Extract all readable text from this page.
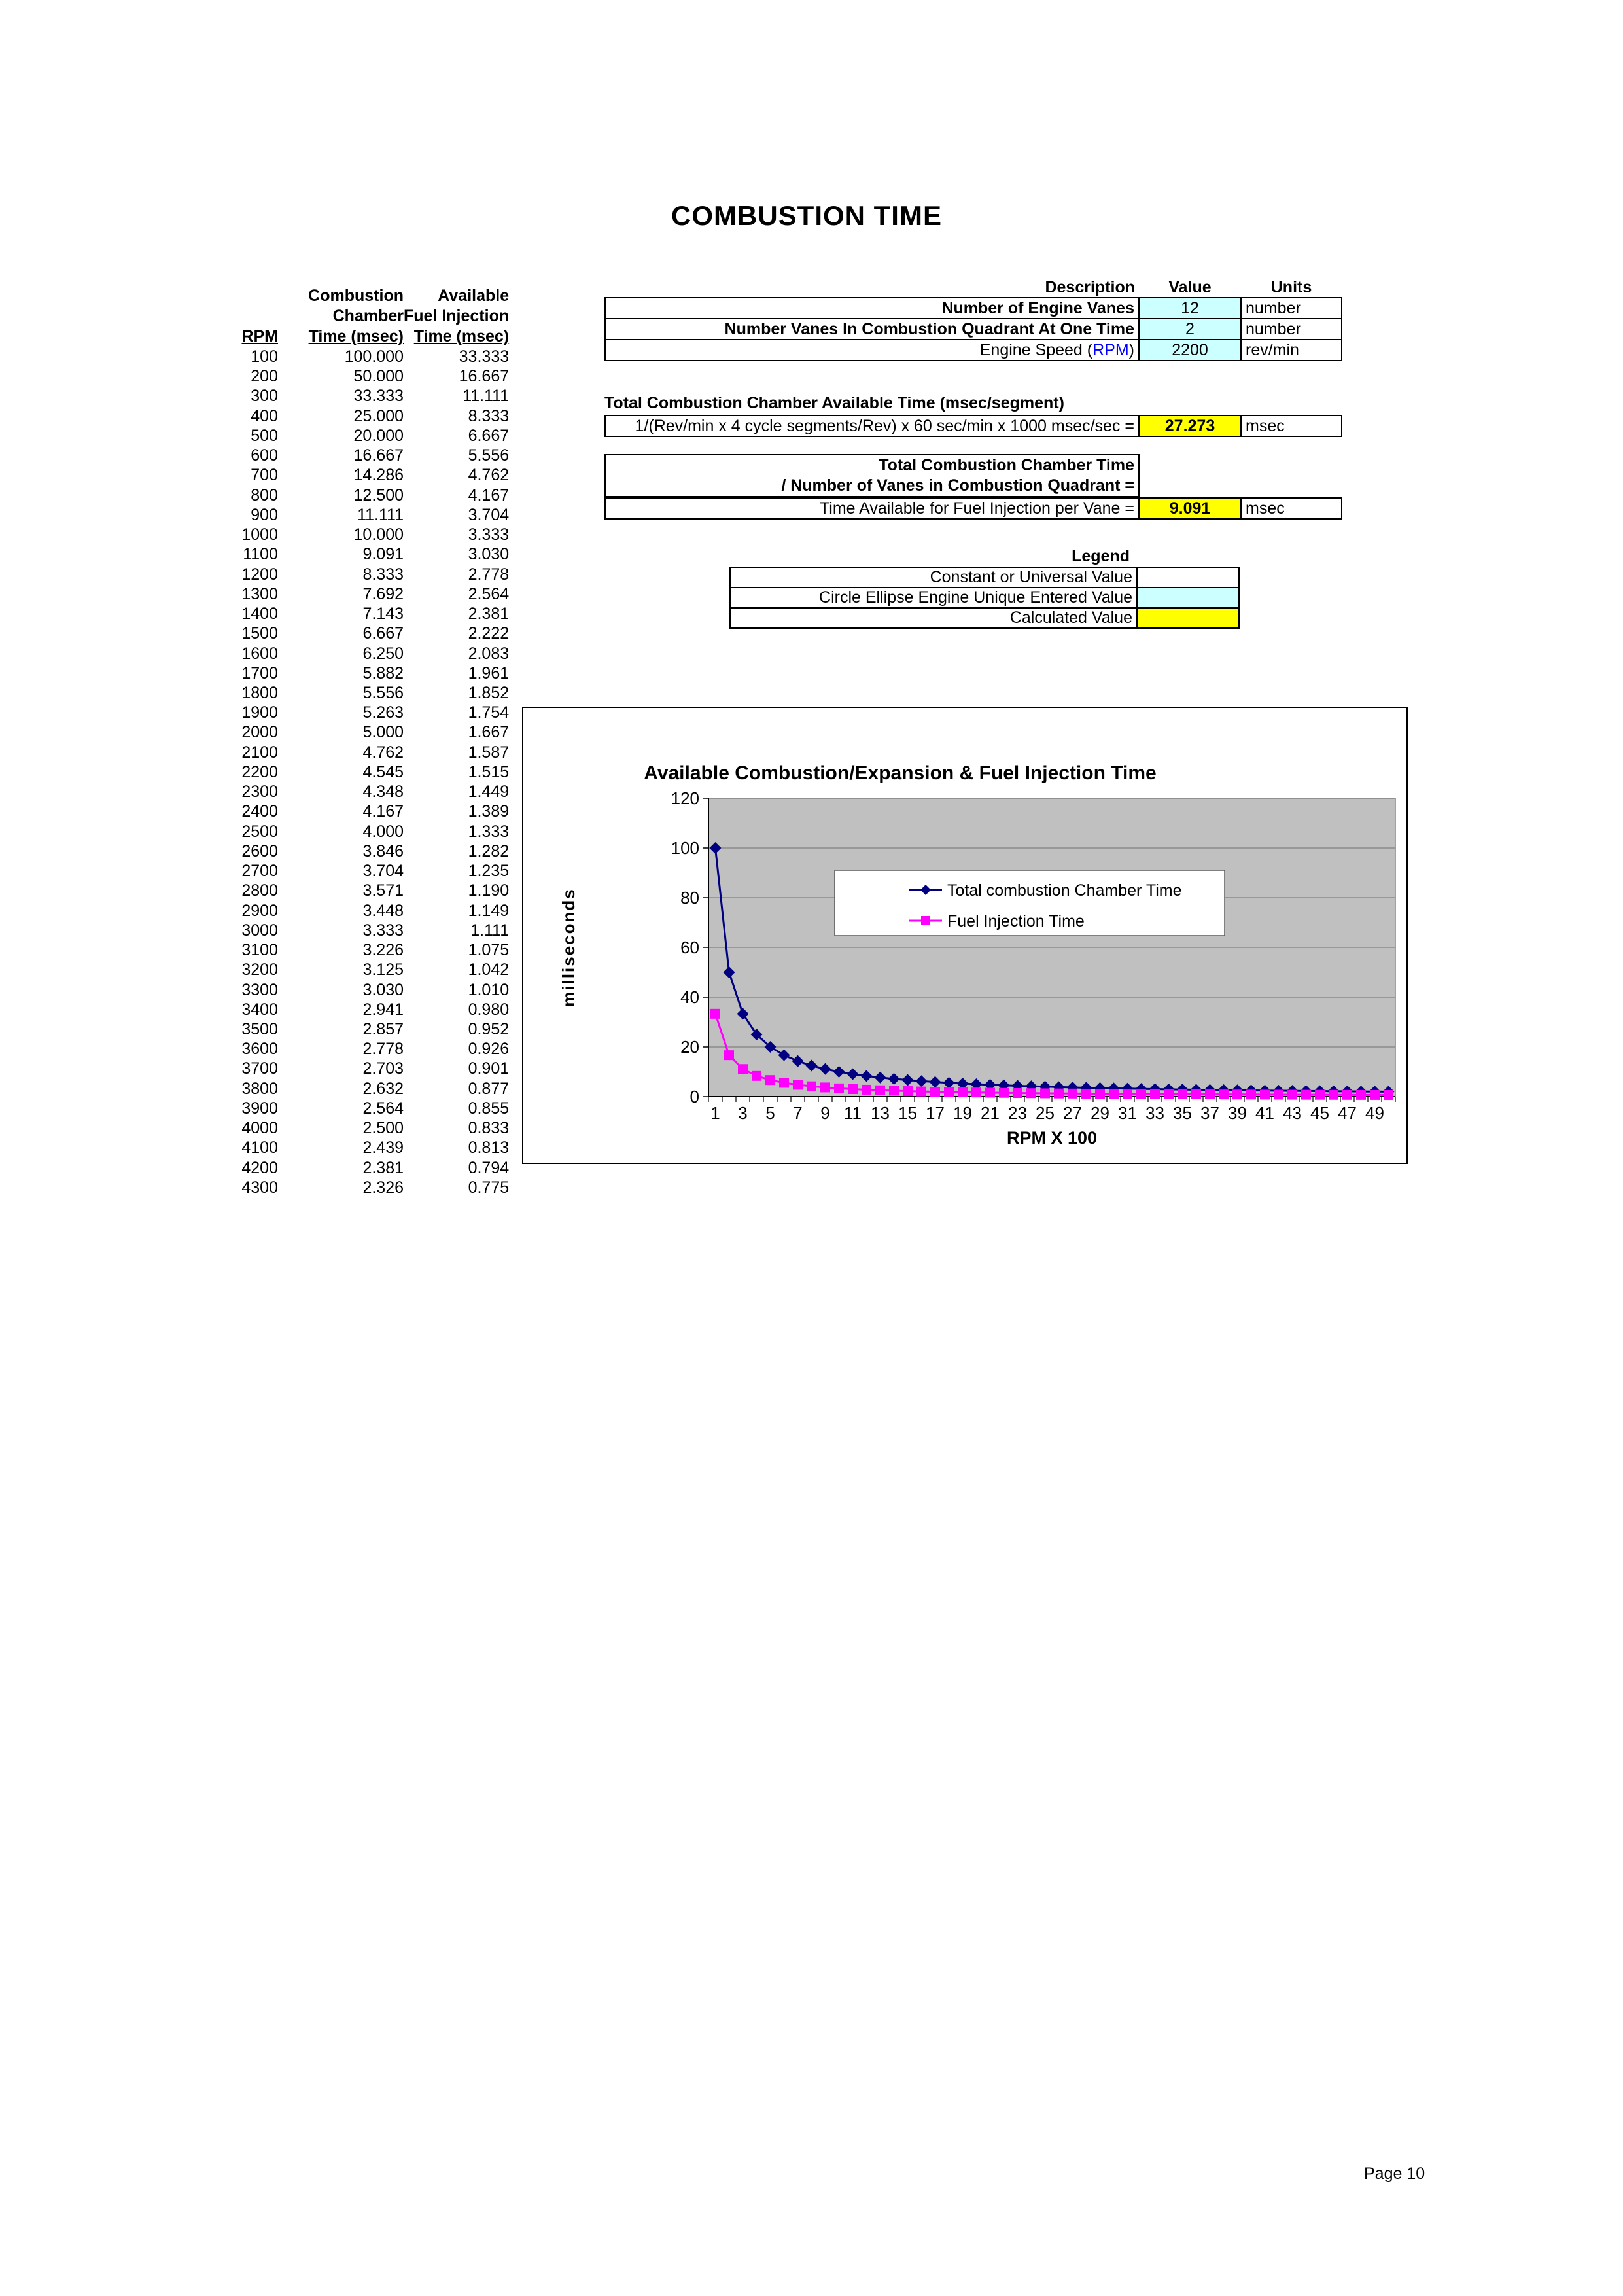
COMBUSTION TIME
	Combustion	Available
	Chamber	Fuel Injection
RPM	Time (msec)	Time (msec)
100	100.000	33.333
200	50.000	16.667
300	33.333	11.111
400	25.000	8.333
500	20.000	6.667
600	16.667	5.556
700	14.286	4.762
800	12.500	4.167
900	11.111	3.704
1000	10.000	3.333
1100	9.091	3.030
1200	8.333	2.778
1300	7.692	2.564
1400	7.143	2.381
1500	6.667	2.222
1600	6.250	2.083
1700	5.882	1.961
1800	5.556	1.852
1900	5.263	1.754
2000	5.000	1.667
2100	4.762	1.587
2200	4.545	1.515
2300	4.348	1.449
2400	4.167	1.389
2500	4.000	1.333
2600	3.846	1.282
2700	3.704	1.235
2800	3.571	1.190
2900	3.448	1.149
3000	3.333	1.111
3100	3.226	1.075
3200	3.125	1.042
3300	3.030	1.010
3400	2.941	0.980
3500	2.857	0.952
3600	2.778	0.926
3700	2.703	0.901
3800	2.632	0.877
3900	2.564	0.855
4000	2.500	0.833
4100	2.439	0.813
4200	2.381	0.794
4300	2.326	0.775
Description	Value	Units
Number of Engine Vanes	12	number
Number Vanes In Combustion Quadrant At One Time	2	number
Engine Speed (RPM)	2200	rev/min
Total Combustion Chamber Available Time (msec/segment)
1/(Rev/min x 4 cycle segments/Rev) x 60 sec/min x 1000 msec/sec =	27.273	msec
Total Combustion Chamber Time
/ Number of Vanes in Combustion Quadrant =
Time Available for Fuel Injection per Vane =	9.091	msec
Legend
Constant or Universal Value	
Circle Ellipse Engine Unique Entered Value	
Calculated Value	
0
20
40
60
80
100
120
1 3 5 7 9 11 13 15 17 19 21 23 25 27 29 31 33 35 37 39 41 43 45 47 49
RPM X 100
milliseconds
Available Combustion/Expansion & Fuel Injection Time
Total combustion Chamber Time
Fuel Injection Time
Page 10
